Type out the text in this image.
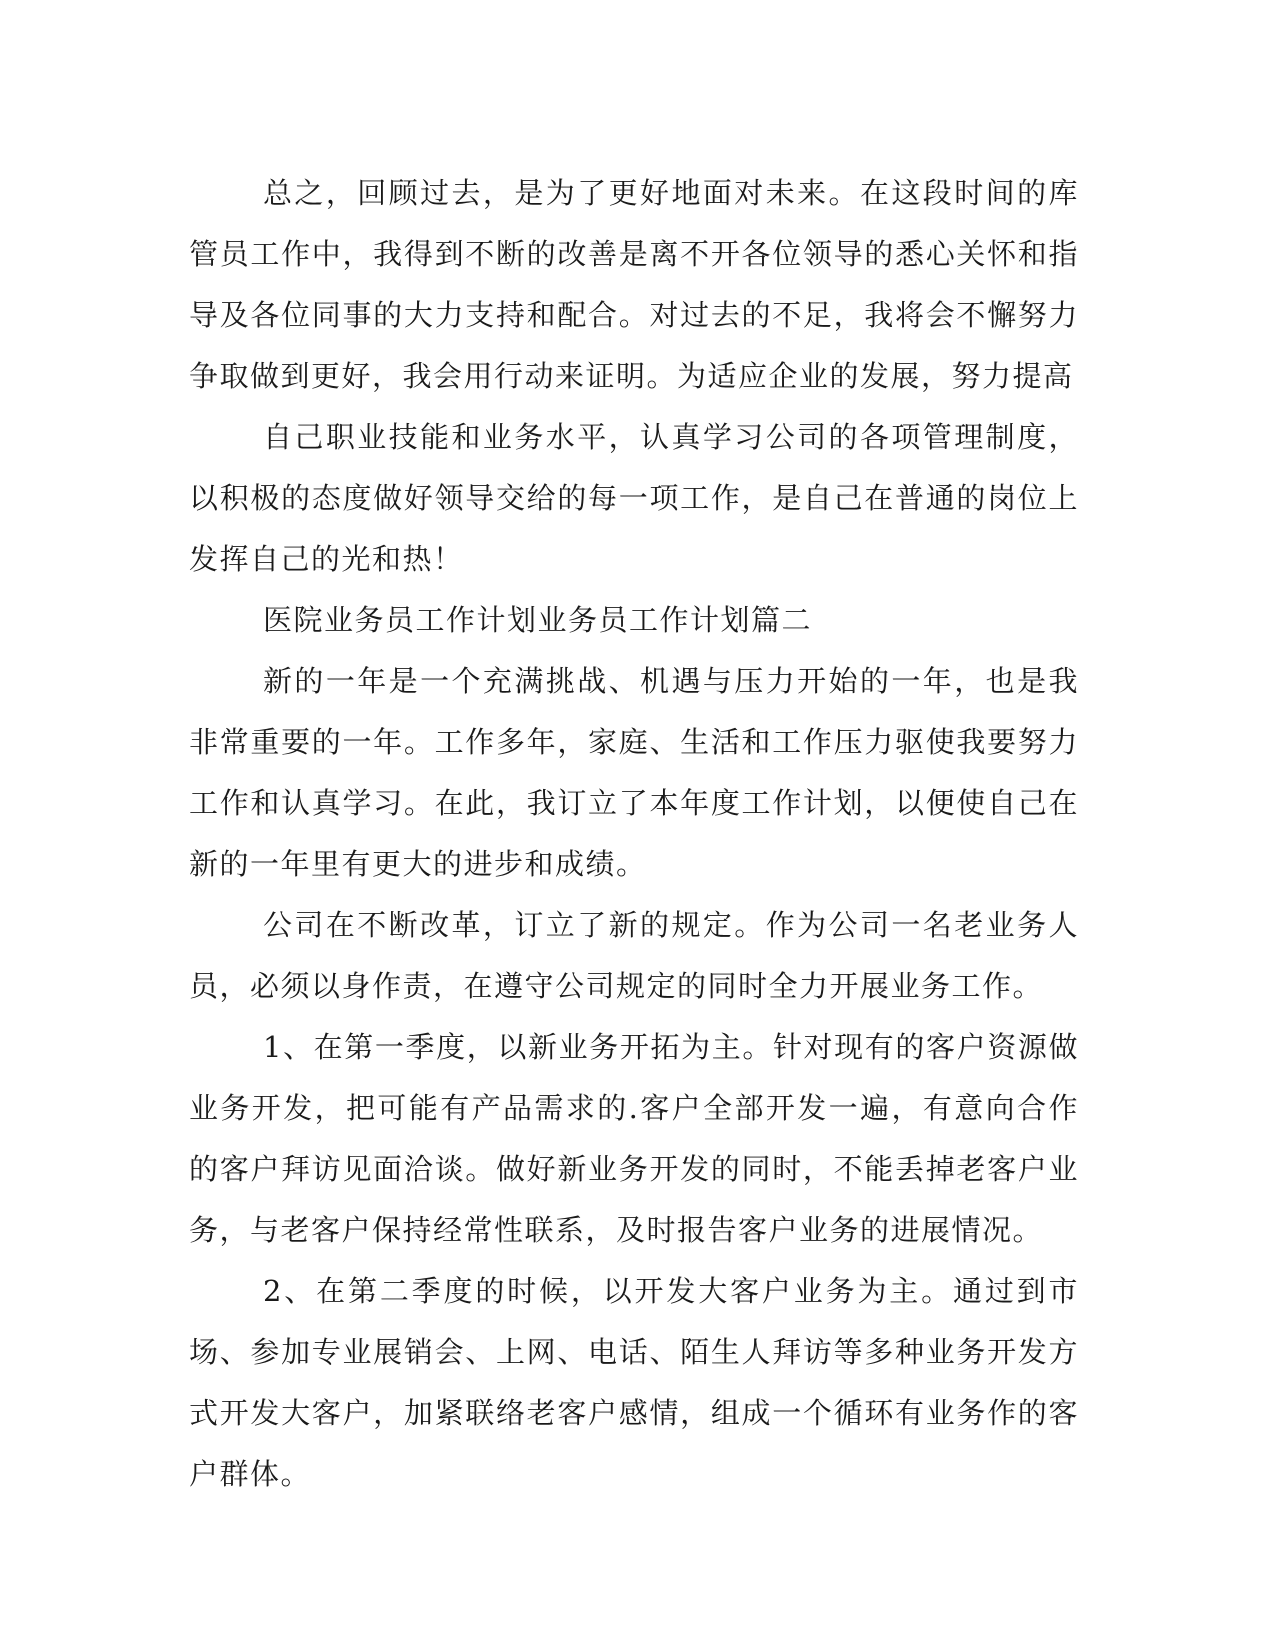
总之，回顾过去，是为了更好地面对未来。在这段时间的库管员工作中，我得到不断的改善是离不开各位领导的悉心关怀和指导及各位同事的大力支持和配合。对过去的不足，我将会不懈努力争取做到更好，我会用行动来证明。为适应企业的发展，努力提高

自己职业技能和业务水平，认真学习公司的各项管理制度，以积极的态度做好领导交给的每一项工作，是自己在普通的岗位上发挥自己的光和热！

医院业务员工作计划业务员工作计划篇二

新的一年是一个充满挑战、机遇与压力开始的一年，也是我非常重要的一年。工作多年，家庭、生活和工作压力驱使我要努力工作和认真学习。在此，我订立了本年度工作计划，以便使自己在新的一年里有更大的进步和成绩。

公司在不断改革，订立了新的规定。作为公司一名老业务人员，必须以身作责，在遵守公司规定的同时全力开展业务工作。

1、在第一季度，以新业务开拓为主。针对现有的客户资源做业务开发，把可能有产品需求的.客户全部开发一遍，有意向合作的客户拜访见面洽谈。做好新业务开发的同时，不能丢掉老客户业务，与老客户保持经常性联系，及时报告客户业务的进展情况。

2、在第二季度的时候，以开发大客户业务为主。通过到市场、参加专业展销会、上网、电话、陌生人拜访等多种业务开发方式开发大客户，加紧联络老客户感情，组成一个循环有业务作的客户群体。
